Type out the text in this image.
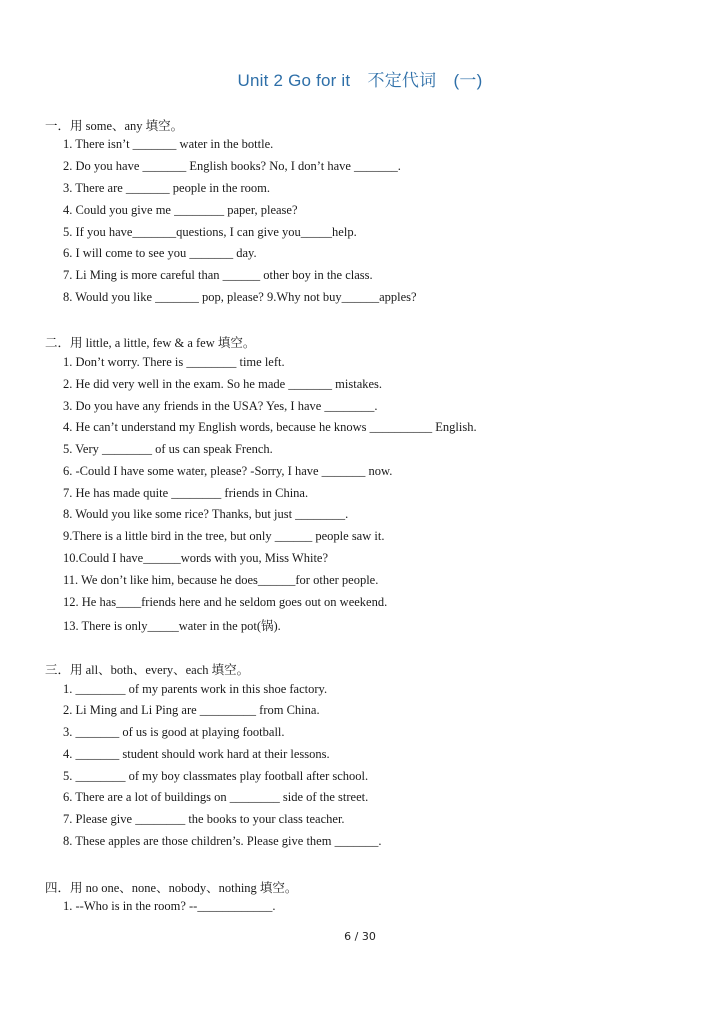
Unit 2 Go for it　不定代词　(一)
一．用 some、any 填空。
1. There isn’t _______ water in the bottle.
2. Do you have _______ English books? No, I don’t have _______.
3. There are _______ people in the room.
4. Could you give me ________ paper, please?
5. If you have_______questions, I can give you_____help.
6. I will come to see you _______ day.
7. Li Ming is more careful than ______ other boy in the class.
8. Would you like _______ pop, please? 9.Why not buy______apples?
二．用 little, a little, few & a few 填空。
1. Don’t worry. There is ________ time left.
2. He did very well in the exam. So he made _______ mistakes.
3. Do you have any friends in the USA? Yes, I have ________.
4. He can’t understand my English words, because he knows __________ English.
5. Very ________ of us can speak French.
6. -Could I have some water, please? -Sorry, I have _______ now.
7. He has made quite ________ friends in China.
8. Would you like some rice? Thanks, but just ________.
9.There is a little bird in the tree, but only ______ people saw it.
10.Could I have______words with you, Miss White?
11. We don’t like him, because he does______for other people.
12. He has____friends here and he seldom goes out on weekend.
13. There is only_____water in the pot(锅).
三．用 all、both、every、each 填空。
1. ________ of my parents work in this shoe factory.
2. Li Ming and Li Ping are _________ from China.
3. _______ of us is good at playing football.
4. _______ student should work hard at their lessons.
5. ________ of my boy classmates play football after school.
6. There are a lot of buildings on ________ side of the street.
7. Please give ________ the books to your class teacher.
8. These apples are those children’s. Please give them _______.
四．用 no one、none、nobody、nothing 填空。
1. --Who is in the room? --____________.
6 / 30
